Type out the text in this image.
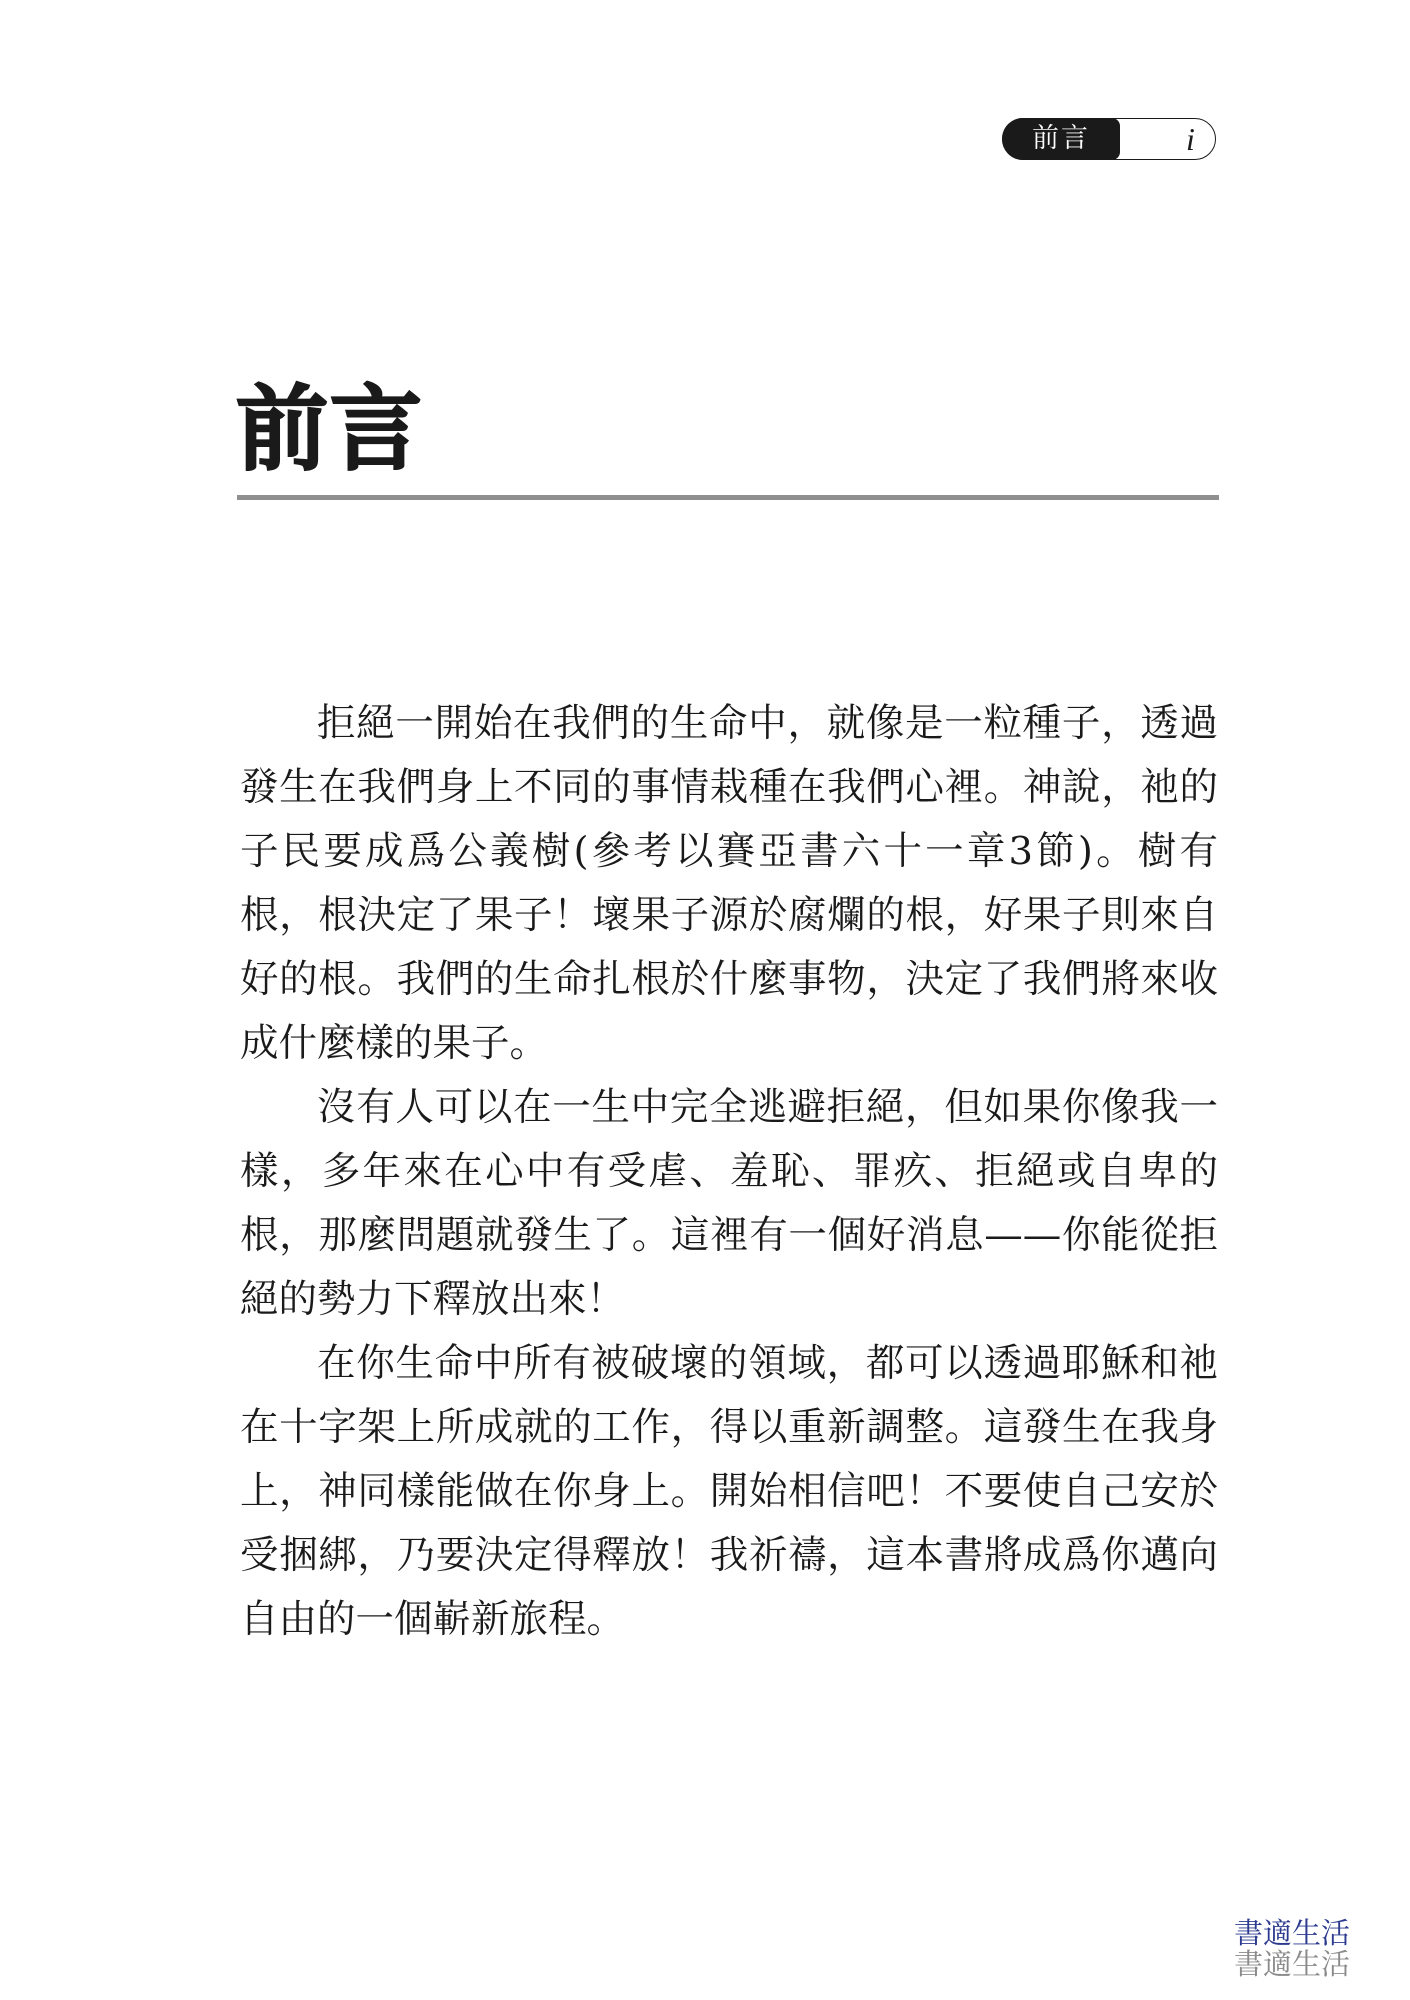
前言	i
前言

拒絕一開始在我們的生命中，就像是一粒種子，透過發生在我們身上不同的事情栽種在我們心裡。神說，祂的子民要成爲公義樹(參考以賽亞書六十一章3節)。樹有根，根決定了果子！壞果子源於腐爛的根，好果子則來自好的根。我們的生命扎根於什麼事物，決定了我們將來收成什麼樣的果子。

沒有人可以在一生中完全逃避拒絕，但如果你像我一樣，多年來在心中有受虐、羞恥、罪疚、拒絕或自卑的根，那麼問題就發生了。這裡有一個好消息——你能從拒絕的勢力下釋放出來！

在你生命中所有被破壞的領域，都可以透過耶穌和祂在十字架上所成就的工作，得以重新調整。這發生在我身上，神同樣能做在你身上。開始相信吧！不要使自己安於受捆綁，乃要決定得釋放！我祈禱，這本書將成爲你邁向自由的一個嶄新旅程。

書適生活
書適生活
